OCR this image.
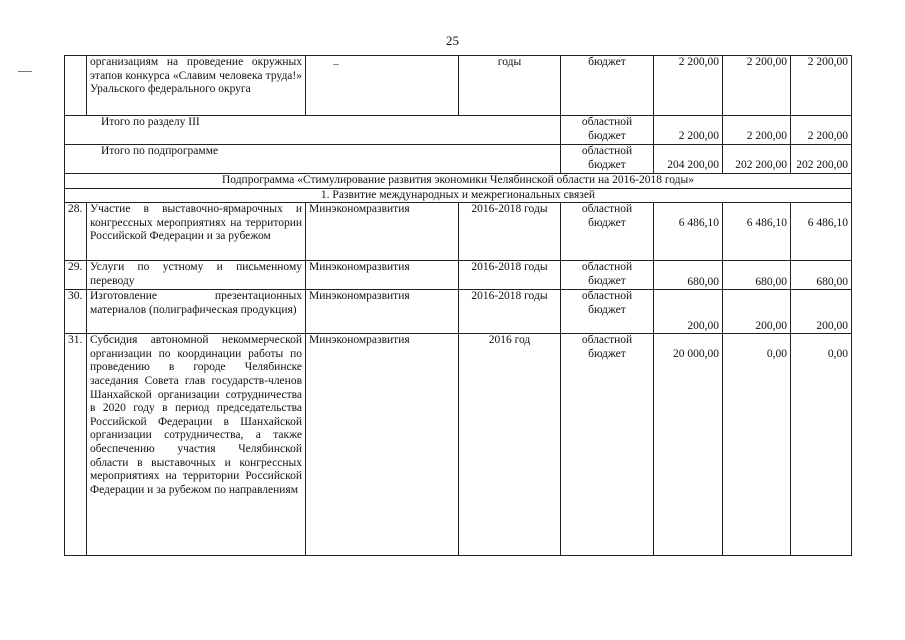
25
	организациям на проведение окружных этапов конкурса «Славим человека труда!» Уральского федерального округа		годы	бюджет	2 200,00	2 200,00	2 200,00
Итого по разделу III				областной бюджет	2 200,00	2 200,00	2 200,00
Итого по подпрограмме				областной бюджет	204 200,00	202 200,00	202 200,00
Подпрограмма «Стимулирование развития экономики Челябинской области на 2016-2018 годы»							
1. Развитие международных и межрегиональных связей							
28.	Участие в выставочно-ярмарочных и конгрессных мероприятиях на территории Российской Федерации и за рубежом	Минэкономразвития	2016-2018 годы	областной бюджет	6 486,10	6 486,10	6 486,10
29.	Услуги по устному и письменному переводу	Минэкономразвития	2016-2018 годы	областной бюджет	680,00	680,00	680,00
30.	Изготовление презентационных материалов (полиграфическая продукция)	Минэкономразвития	2016-2018 годы	областной бюджет	200,00	200,00	200,00
31.	Субсидия автономной некоммерческой организации по координации работы по проведению в городе Челябинске заседания Совета глав государств-членов Шанхайской организации сотрудничества в 2020 году в период председательства Российской Федерации в Шанхайской организации сотрудничества, а также обеспечению участия Челябинской области в выставочных и конгрессных мероприятиях на территории Российской Федерации и за рубежом по направлениям	Минэкономразвития	2016 год	областной бюджет	20 000,00	0,00	0,00
